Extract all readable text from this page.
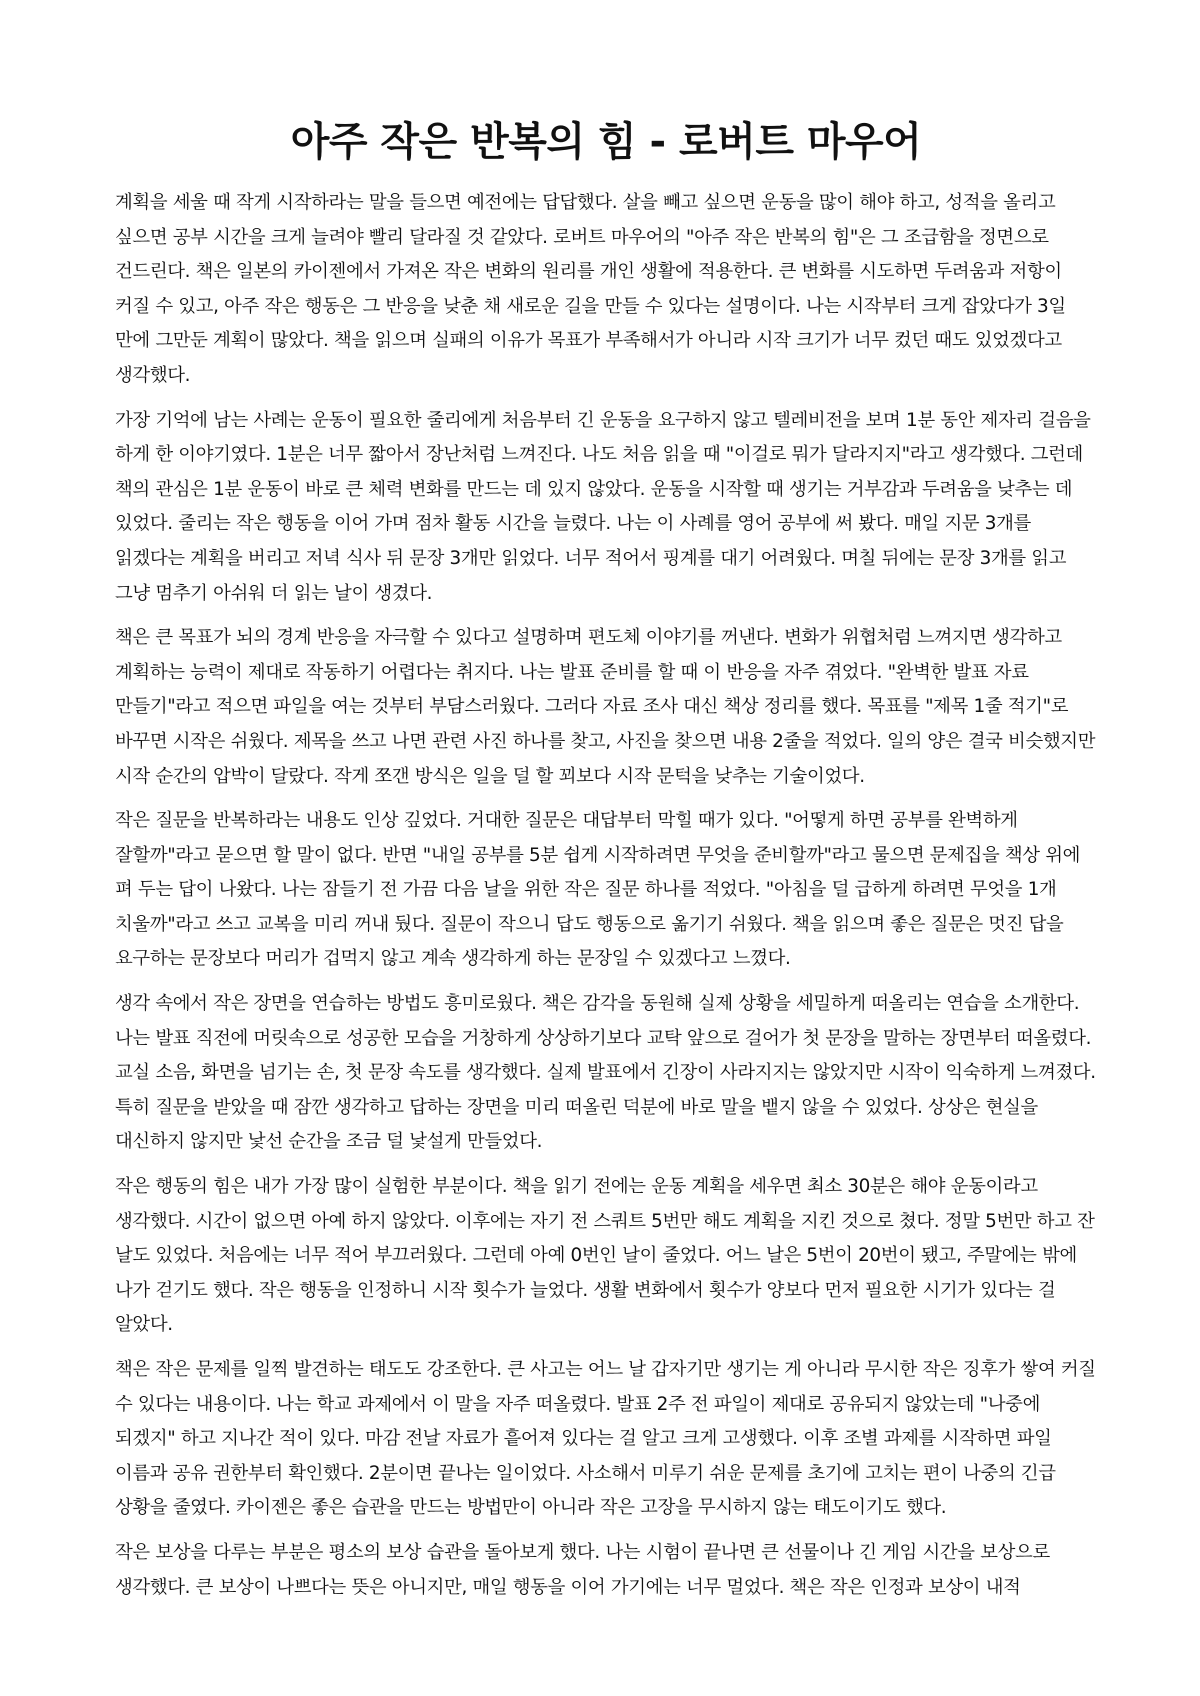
아주 작은 반복의 힘 - 로버트 마우어

계획을 세울 때 작게 시작하라는 말을 들으면 예전에는 답답했다. 살을 빼고 싶으면 운동을 많이 해야 하고, 성적을 올리고 싶으면 공부 시간을 크게 늘려야 빨리 달라질 것 같았다. 로버트 마우어의 "아주 작은 반복의 힘"은 그 조급함을 정면으로 건드린다. 책은 일본의 카이젠에서 가져온 작은 변화의 원리를 개인 생활에 적용한다. 큰 변화를 시도하면 두려움과 저항이 커질 수 있고, 아주 작은 행동은 그 반응을 낮춘 채 새로운 길을 만들 수 있다는 설명이다. 나는 시작부터 크게 잡았다가 3일 만에 그만둔 계획이 많았다. 책을 읽으며 실패의 이유가 목표가 부족해서가 아니라 시작 크기가 너무 컸던 때도 있었겠다고 생각했다.

가장 기억에 남는 사례는 운동이 필요한 줄리에게 처음부터 긴 운동을 요구하지 않고 텔레비전을 보며 1분 동안 제자리 걸음을 하게 한 이야기였다. 1분은 너무 짧아서 장난처럼 느껴진다. 나도 처음 읽을 때 "이걸로 뭐가 달라지지"라고 생각했다. 그런데 책의 관심은 1분 운동이 바로 큰 체력 변화를 만드는 데 있지 않았다. 운동을 시작할 때 생기는 거부감과 두려움을 낮추는 데 있었다. 줄리는 작은 행동을 이어 가며 점차 활동 시간을 늘렸다. 나는 이 사례를 영어 공부에 써 봤다. 매일 지문 3개를 읽겠다는 계획을 버리고 저녁 식사 뒤 문장 3개만 읽었다. 너무 적어서 핑계를 대기 어려웠다. 며칠 뒤에는 문장 3개를 읽고 그냥 멈추기 아쉬워 더 읽는 날이 생겼다.

책은 큰 목표가 뇌의 경계 반응을 자극할 수 있다고 설명하며 편도체 이야기를 꺼낸다. 변화가 위협처럼 느껴지면 생각하고 계획하는 능력이 제대로 작동하기 어렵다는 취지다. 나는 발표 준비를 할 때 이 반응을 자주 겪었다. "완벽한 발표 자료 만들기"라고 적으면 파일을 여는 것부터 부담스러웠다. 그러다 자료 조사 대신 책상 정리를 했다. 목표를 "제목 1줄 적기"로 바꾸면 시작은 쉬웠다. 제목을 쓰고 나면 관련 사진 하나를 찾고, 사진을 찾으면 내용 2줄을 적었다. 일의 양은 결국 비슷했지만 시작 순간의 압박이 달랐다. 작게 쪼갠 방식은 일을 덜 할 꾀보다 시작 문턱을 낮추는 기술이었다.

작은 질문을 반복하라는 내용도 인상 깊었다. 거대한 질문은 대답부터 막힐 때가 있다. "어떻게 하면 공부를 완벽하게 잘할까"라고 묻으면 할 말이 없다. 반면 "내일 공부를 5분 쉽게 시작하려면 무엇을 준비할까"라고 물으면 문제집을 책상 위에 펴 두는 답이 나왔다. 나는 잠들기 전 가끔 다음 날을 위한 작은 질문 하나를 적었다. "아침을 덜 급하게 하려면 무엇을 1개 치울까"라고 쓰고 교복을 미리 꺼내 뒀다. 질문이 작으니 답도 행동으로 옮기기 쉬웠다. 책을 읽으며 좋은 질문은 멋진 답을 요구하는 문장보다 머리가 겁먹지 않고 계속 생각하게 하는 문장일 수 있겠다고 느꼈다.

생각 속에서 작은 장면을 연습하는 방법도 흥미로웠다. 책은 감각을 동원해 실제 상황을 세밀하게 떠올리는 연습을 소개한다. 나는 발표 직전에 머릿속으로 성공한 모습을 거창하게 상상하기보다 교탁 앞으로 걸어가 첫 문장을 말하는 장면부터 떠올렸다. 교실 소음, 화면을 넘기는 손, 첫 문장 속도를 생각했다. 실제 발표에서 긴장이 사라지지는 않았지만 시작이 익숙하게 느껴졌다. 특히 질문을 받았을 때 잠깐 생각하고 답하는 장면을 미리 떠올린 덕분에 바로 말을 뱉지 않을 수 있었다. 상상은 현실을 대신하지 않지만 낯선 순간을 조금 덜 낯설게 만들었다.

작은 행동의 힘은 내가 가장 많이 실험한 부분이다. 책을 읽기 전에는 운동 계획을 세우면 최소 30분은 해야 운동이라고 생각했다. 시간이 없으면 아예 하지 않았다. 이후에는 자기 전 스쿼트 5번만 해도 계획을 지킨 것으로 쳤다. 정말 5번만 하고 잔 날도 있었다. 처음에는 너무 적어 부끄러웠다. 그런데 아예 0번인 날이 줄었다. 어느 날은 5번이 20번이 됐고, 주말에는 밖에 나가 걷기도 했다. 작은 행동을 인정하니 시작 횟수가 늘었다. 생활 변화에서 횟수가 양보다 먼저 필요한 시기가 있다는 걸 알았다.

책은 작은 문제를 일찍 발견하는 태도도 강조한다. 큰 사고는 어느 날 갑자기만 생기는 게 아니라 무시한 작은 징후가 쌓여 커질 수 있다는 내용이다. 나는 학교 과제에서 이 말을 자주 떠올렸다. 발표 2주 전 파일이 제대로 공유되지 않았는데 "나중에 되겠지" 하고 지나간 적이 있다. 마감 전날 자료가 흩어져 있다는 걸 알고 크게 고생했다. 이후 조별 과제를 시작하면 파일 이름과 공유 권한부터 확인했다. 2분이면 끝나는 일이었다. 사소해서 미루기 쉬운 문제를 초기에 고치는 편이 나중의 긴급 상황을 줄였다. 카이젠은 좋은 습관을 만드는 방법만이 아니라 작은 고장을 무시하지 않는 태도이기도 했다.

작은 보상을 다루는 부분은 평소의 보상 습관을 돌아보게 했다. 나는 시험이 끝나면 큰 선물이나 긴 게임 시간을 보상으로 생각했다. 큰 보상이 나쁘다는 뜻은 아니지만, 매일 행동을 이어 가기에는 너무 멀었다. 책은 작은 인정과 보상이 내적
